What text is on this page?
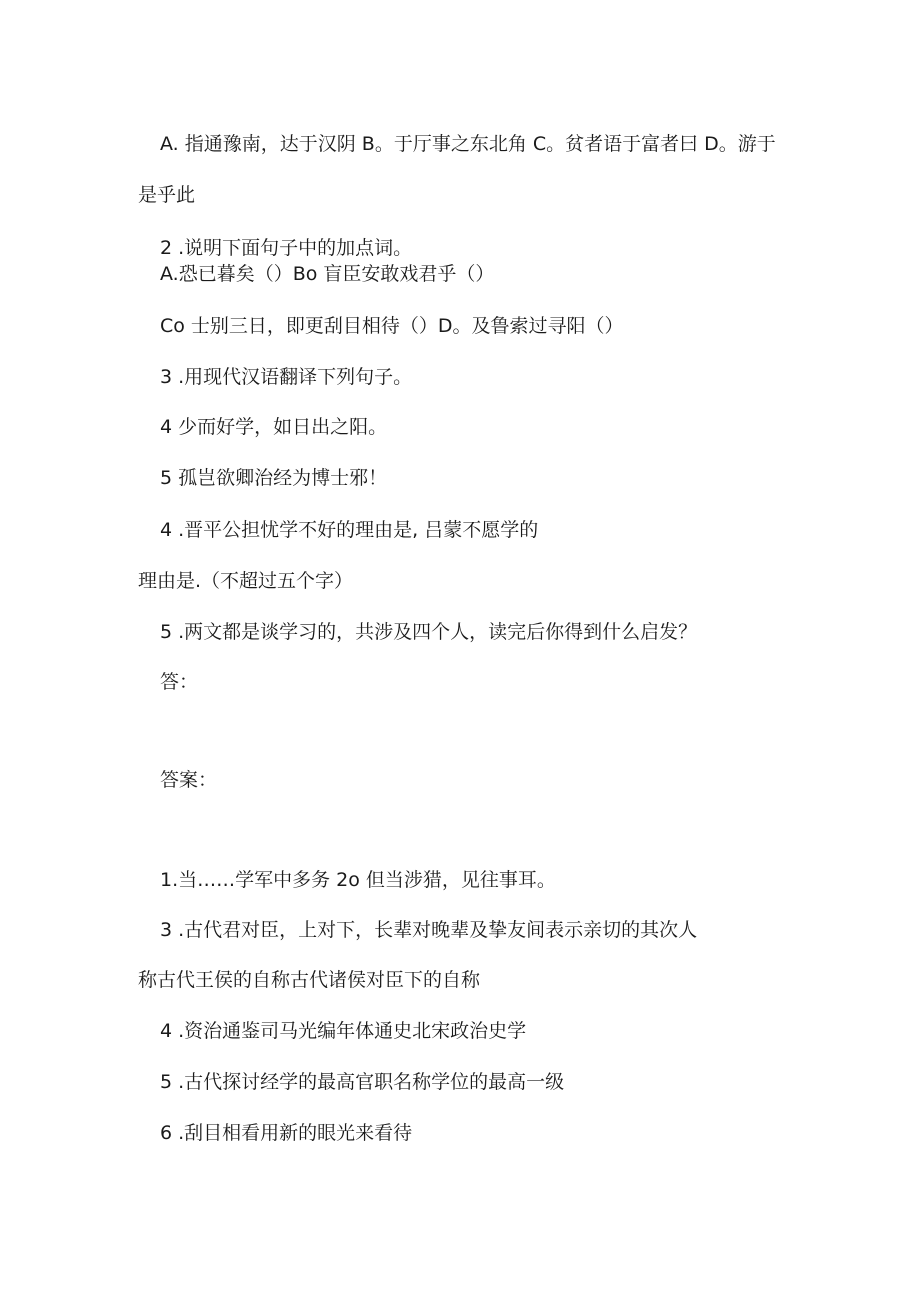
A. 指通豫南，达于汉阴 B。于厅事之东北角 C。贫者语于富者曰 D。游于
是乎此
2 .说明下面句子中的加点词。
A.恐已暮矣（）Bo 盲臣安敢戏君乎（）
Co 士别三日，即更刮目相待（）D。及鲁索过寻阳（）
3 .用现代汉语翻译下列句子。
4 少而好学，如日出之阳。
5 孤岂欲卿治经为博士邪！
4 .晋平公担忧学不好的理由是, 吕蒙不愿学的
理由是.（不超过五个字）
5 .两文都是谈学习的，共涉及四个人，读完后你得到什么启发？
答：
答案：
1.当……学军中多务 2o 但当涉猎，见往事耳。
3 .古代君对臣，上对下，长辈对晚辈及挚友间表示亲切的其次人
称古代王侯的自称古代诸侯对臣下的自称
4 .资治通鉴司马光编年体通史北宋政治史学
5 .古代探讨经学的最高官职名称学位的最高一级
6 .刮目相看用新的眼光来看待
